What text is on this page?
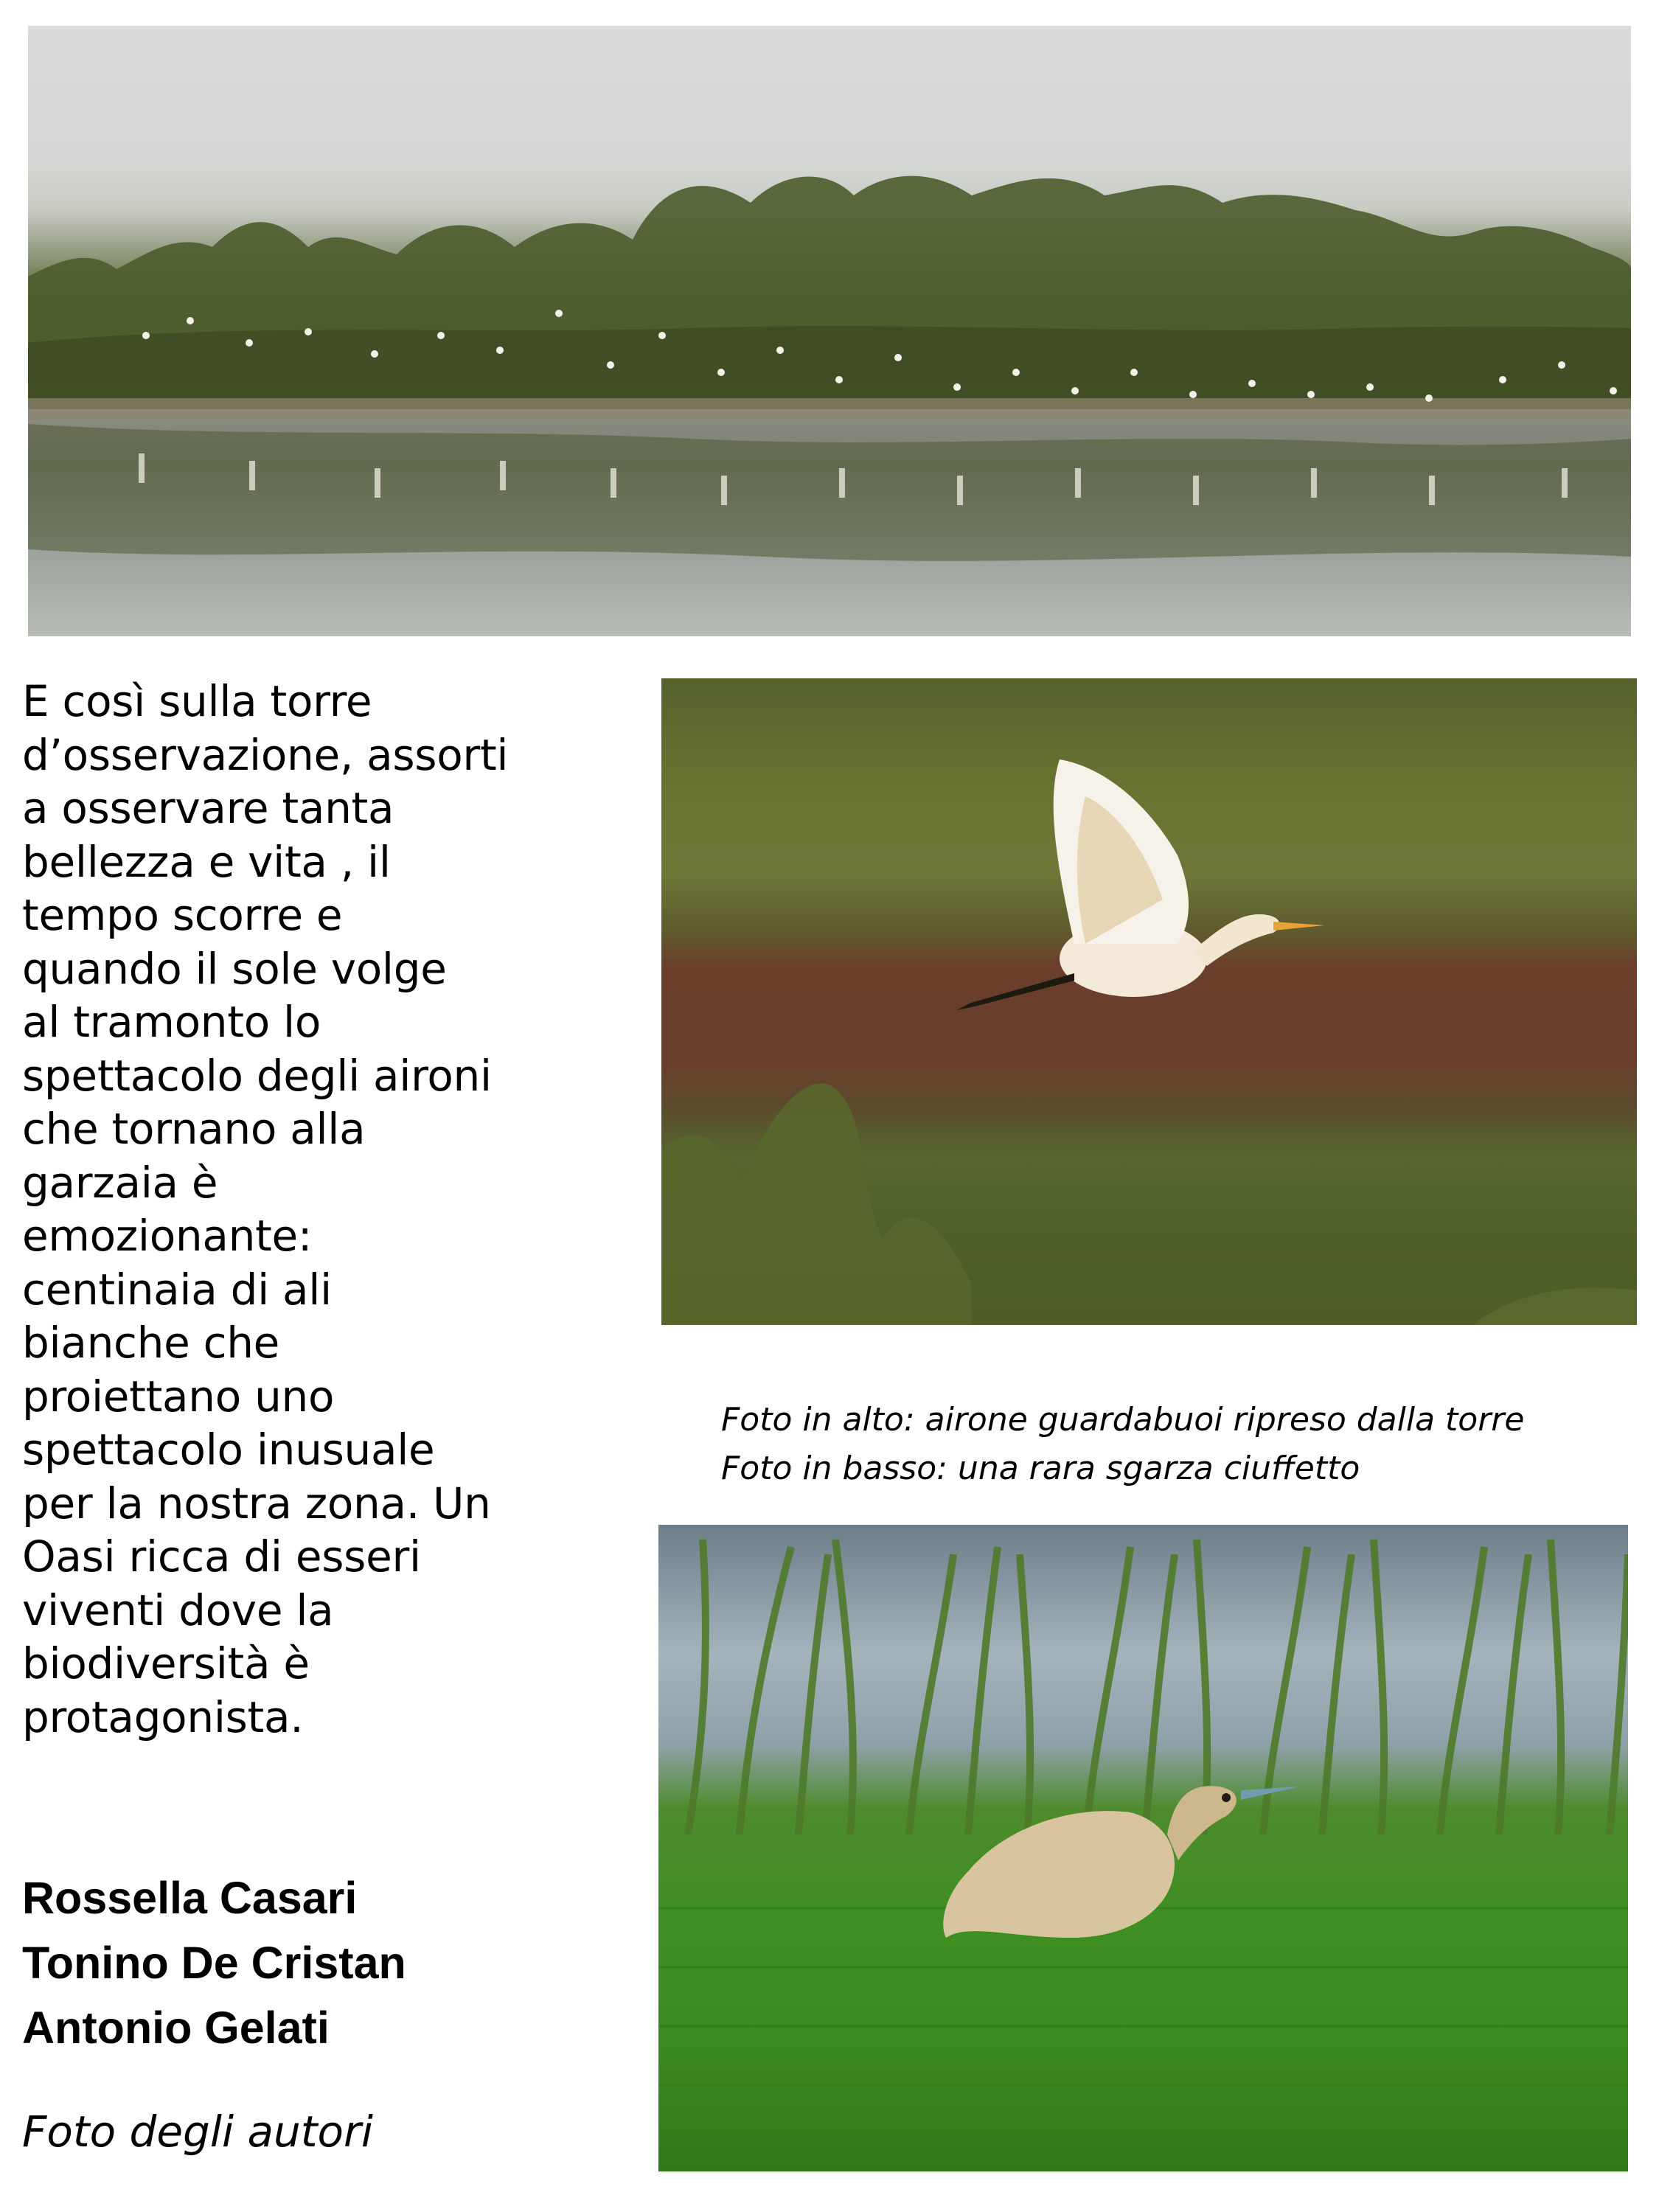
E così sulla torre
d’osservazione, assorti
a osservare tanta
bellezza e vita , il
tempo scorre e
quando il sole volge
al tramonto lo
spettacolo degli aironi
che tornano alla
garzaia è
emozionante:
centinaia di ali
bianche che
proiettano uno
spettacolo inusuale
per la nostra zona. Un
Oasi ricca di esseri
viventi dove la
biodiversità è
protagonista.
Foto in alto: airone guardabuoi ripreso dalla torre
Foto in basso: una rara sgarza ciuffetto
Rossella Casari
Tonino De Cristan
Antonio Gelati
Foto degli autori
